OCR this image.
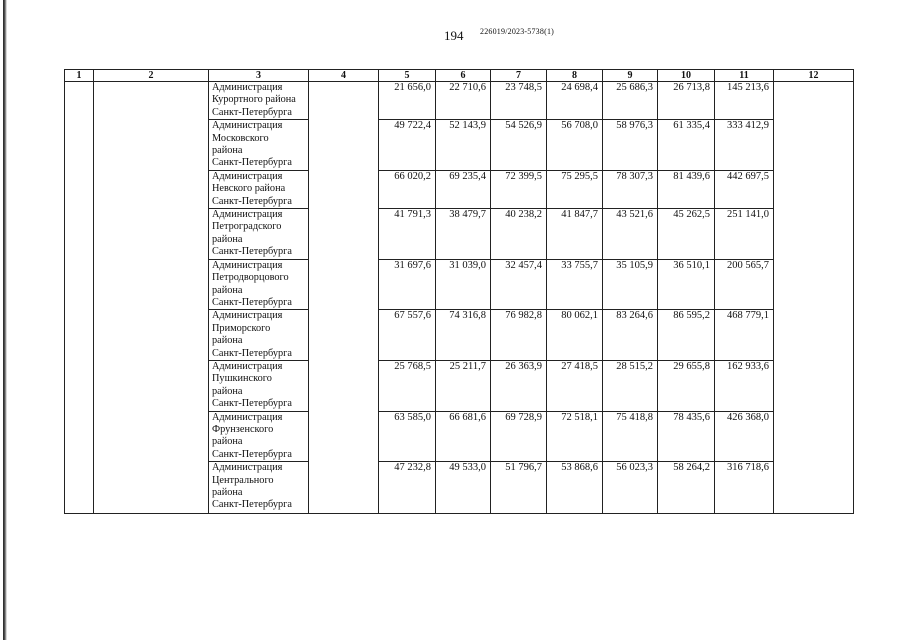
194 226019/2023-5738(1)
1	2	3	4	5	6	7	8	9	10	11	12

		Администрация
Курортного района
Санкт-Петербурга		21 656,0	22 710,6	23 748,5	24 698,4	25 686,3	26 713,8	145 213,6	

		Администрация
Московского
района
Санкт-Петербурга		49 722,4	52 143,9	54 526,9	56 708,0	58 976,3	61 335,4	333 412,9	

		Администрация
Невского района
Санкт-Петербурга		66 020,2	69 235,4	72 399,5	75 295,5	78 307,3	81 439,6	442 697,5	

		Администрация
Петроградского
района
Санкт-Петербурга		41 791,3	38 479,7	40 238,2	41 847,7	43 521,6	45 262,5	251 141,0	

		Администрация
Петродворцового
района
Санкт-Петербурга		31 697,6	31 039,0	32 457,4	33 755,7	35 105,9	36 510,1	200 565,7	

		Администрация
Приморского
района
Санкт-Петербурга		67 557,6	74 316,8	76 982,8	80 062,1	83 264,6	86 595,2	468 779,1	

		Администрация
Пушкинского
района
Санкт-Петербурга		25 768,5	25 211,7	26 363,9	27 418,5	28 515,2	29 655,8	162 933,6	

		Администрация
Фрунзенского
района
Санкт-Петербурга		63 585,0	66 681,6	69 728,9	72 518,1	75 418,8	78 435,6	426 368,0	

		Администрация
Центрального
района
Санкт-Петербурга		47 232,8	49 533,0	51 796,7	53 868,6	56 023,3	58 264,2	316 718,6	
